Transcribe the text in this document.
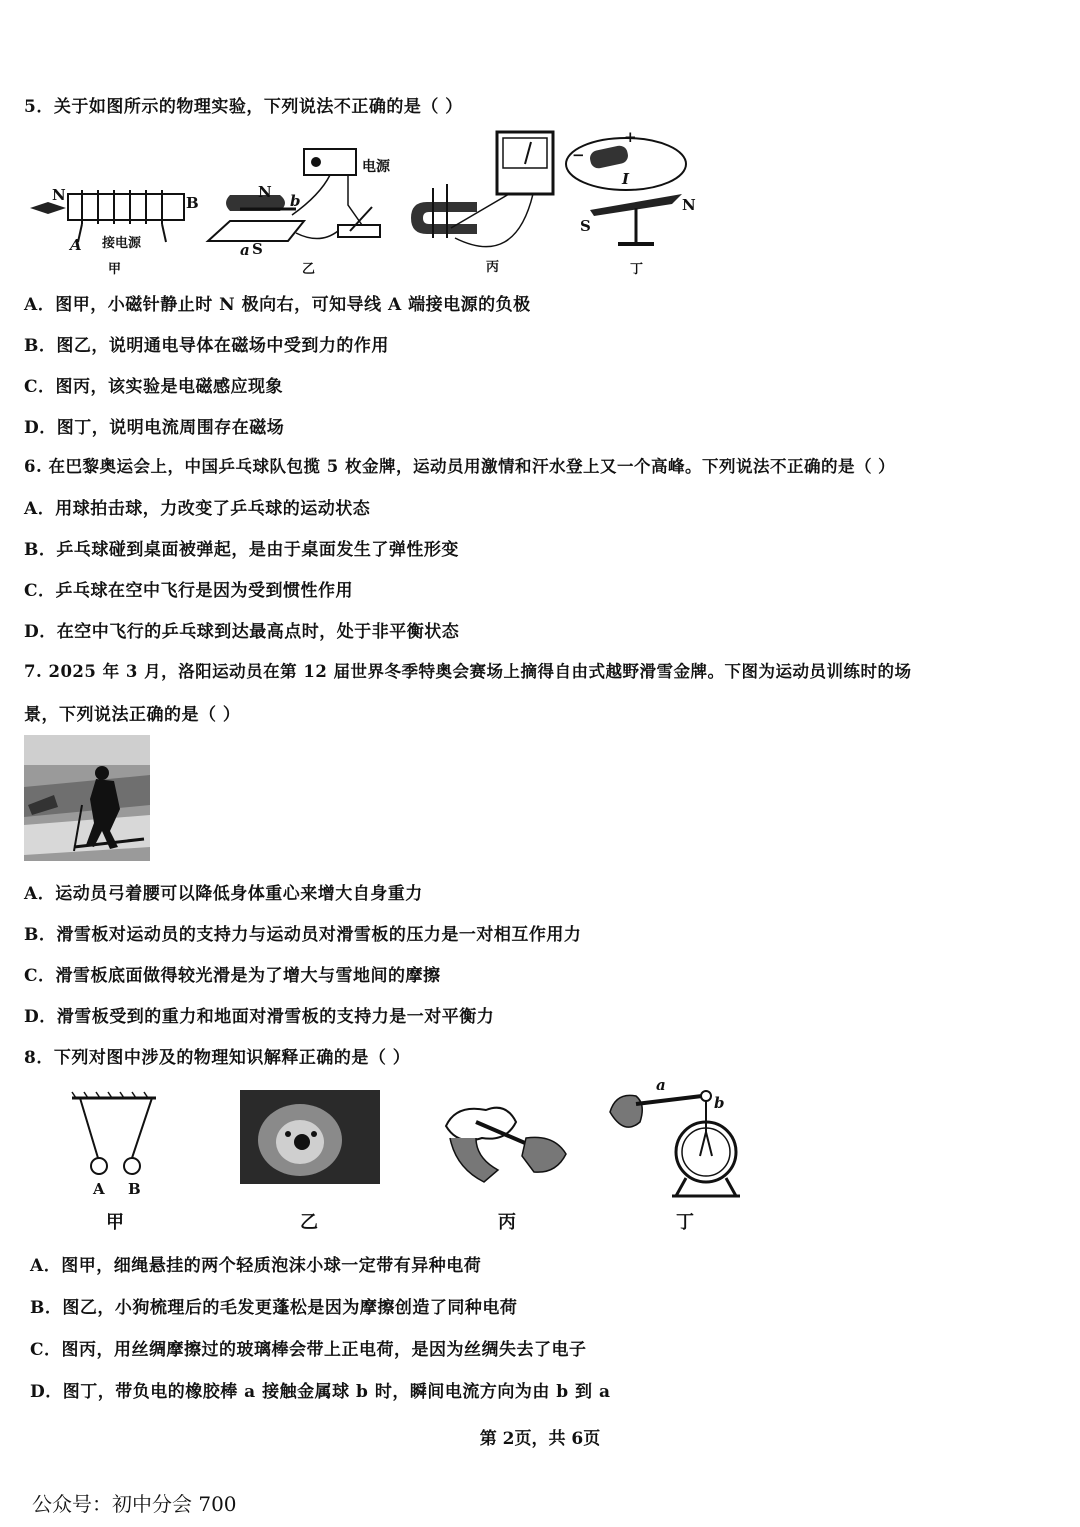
5．关于如图所示的物理实验，下列说法不正确的是（ ）
N	B
A 接电源
甲
电源
N b
a S
乙	丙
+
−
I
S
N
丁
A．图甲，小磁针静止时 N 极向右，可知导线 A 端接电源的负极
B．图乙，说明通电导体在磁场中受到力的作用
C．图丙，该实验是电磁感应现象
D．图丁，说明电流周围存在磁场
6. 在巴黎奥运会上，中国乒乓球队包揽 5 枚金牌，运动员用激情和汗水登上又一个高峰。下列说法不正确的是（ ）
A．用球拍击球，力改变了乒乓球的运动状态
B．乒乓球碰到桌面被弹起，是由于桌面发生了弹性形变
C．乒乓球在空中飞行是因为受到惯性作用
D．在空中飞行的乒乓球到达最高点时，处于非平衡状态
7. 2025 年 3 月，洛阳运动员在第 12 届世界冬季特奥会赛场上摘得自由式越野滑雪金牌。下图为运动员训练时的场
景，下列说法正确的是（ ）
A．运动员弓着腰可以降低身体重心来增大自身重力
B．滑雪板对运动员的支持力与运动员对滑雪板的压力是一对相互作用力
C．滑雪板底面做得较光滑是为了增大与雪地间的摩擦
D．滑雪板受到的重力和地面对滑雪板的支持力是一对平衡力
8．下列对图中涉及的物理知识解释正确的是（ ）
A B
甲	乙	丙
a
b
丁
A．图甲，细绳悬挂的两个轻质泡沫小球一定带有异种电荷
B．图乙，小狗梳理后的毛发更蓬松是因为摩擦创造了同种电荷
C．图丙，用丝绸摩擦过的玻璃棒会带上正电荷，是因为丝绸失去了电子
D．图丁，带负电的橡胶棒 a 接触金属球 b 时，瞬间电流方向为由 b 到 a
第 2页，共 6页
公众号：初中分会 700
